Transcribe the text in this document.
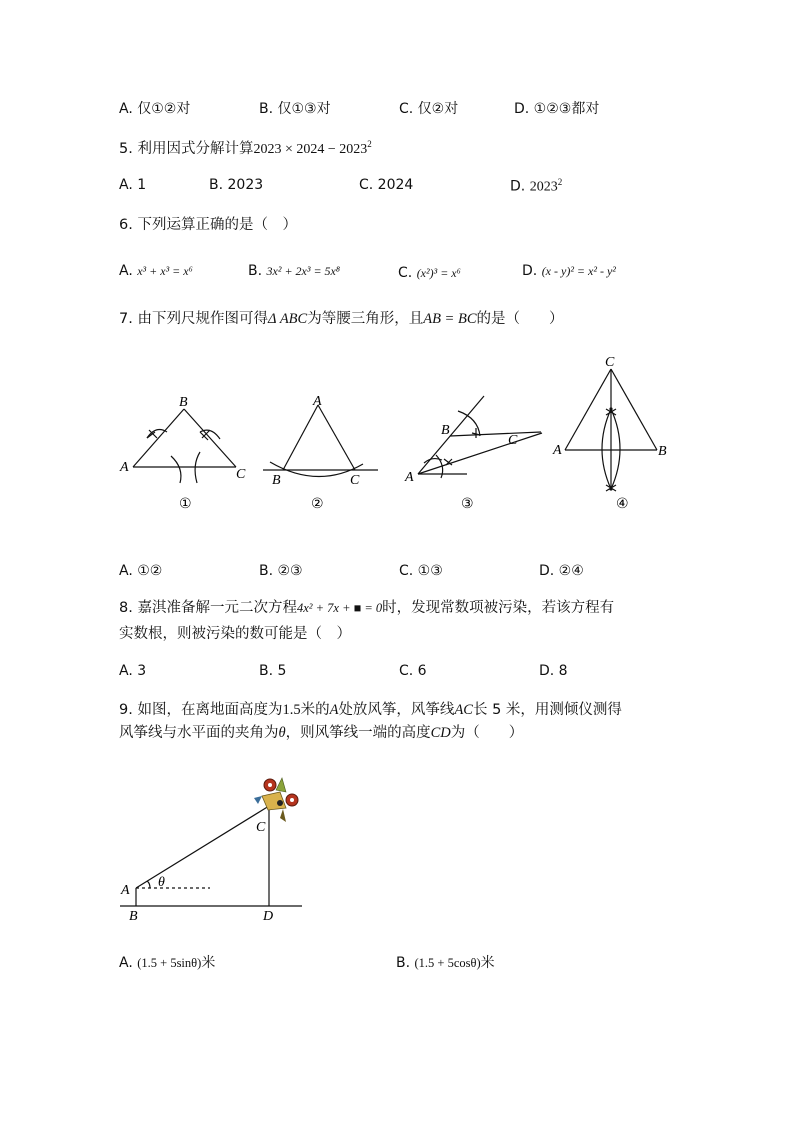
A. 仅①②对	B. 仅①③对	C. 仅②对	D. ①②③都对
5. 利用因式分解计算$2023 \times 2024 - 2023^2$
A. 1	B. 2023	C. 2024	D. 2023$^2$
6. 下列运算正确的是（　）
A. x³ + x³ = x⁶	B. 3x² + 2x³ = 5x⁸	C. (x²)³ = x⁶	D. (x - y)² = x² - y²
7. 由下列尺规作图可得Δ ABC为等腰三角形，且AB = BC的是（　　）
B
A	C
①
A
B	C
②
B
C
A
③
C
A	B
④
A. ①②	B. ②③	C. ①③	D. ②④
8. 嘉淇准备解一元二次方程4x² + 7x + ■ = 0时，发现常数项被污染，若该方程有
实数根，则被污染的数可能是（　）
A. 3	B. 5	C. 6	D. 8
9. 如图，在离地面高度为1.5米的A处放风筝，风筝线AC长 5 米，用测倾仪测得
风筝线与水平面的夹角为θ，则风筝线一端的高度CD为（　　）
C
A
B	D
θ
A. (1.5 + 5sinθ)米	B. (1.5 + 5cosθ)米
